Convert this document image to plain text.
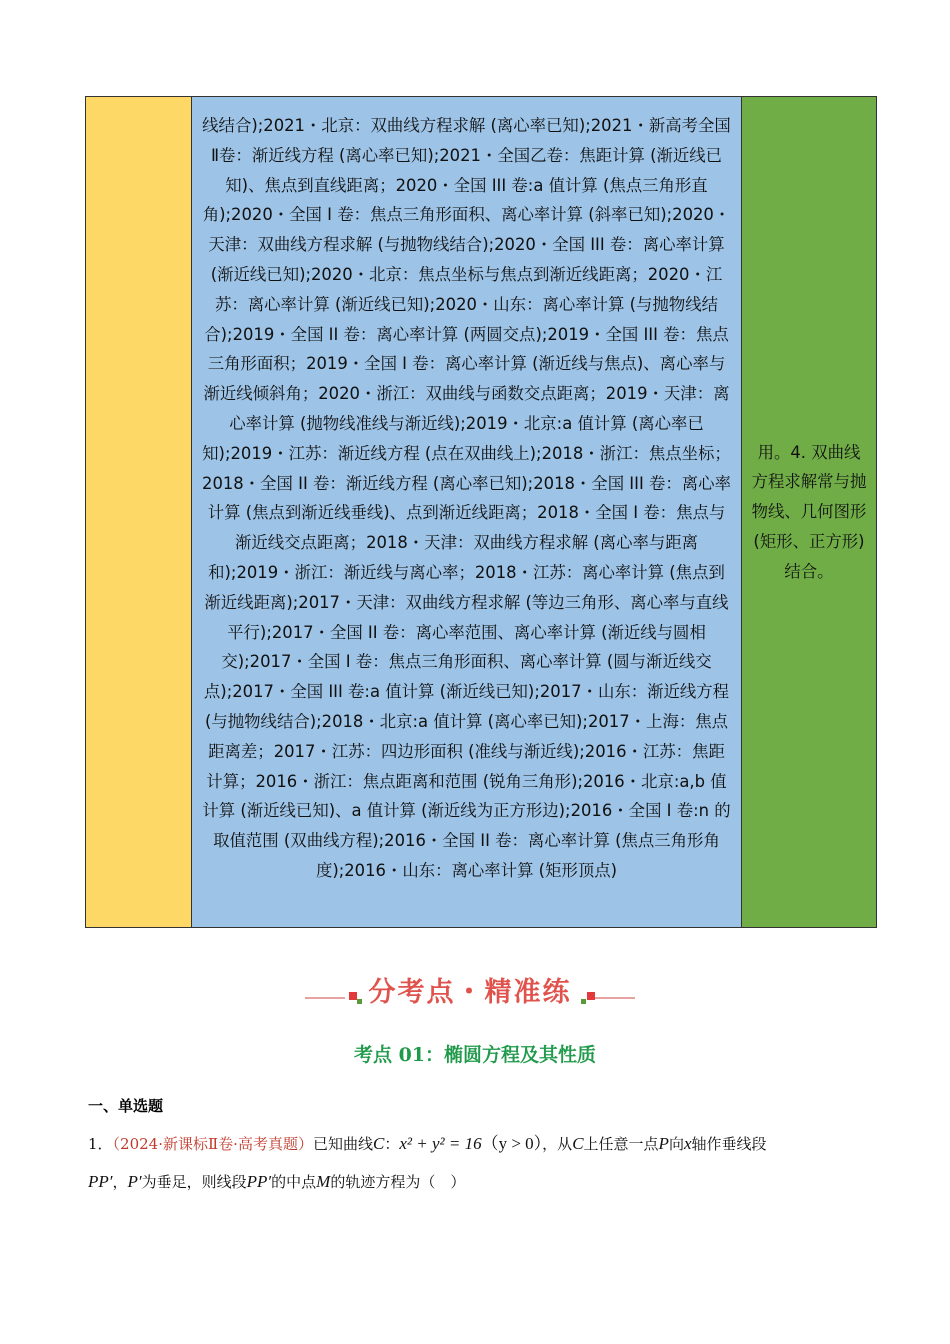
线结合);2021・北京：双曲线方程求解 (离心率已知);2021・新高考全国Ⅱ卷：渐近线方程 (离心率已知);2021・全国乙卷：焦距计算 (渐近线已知)、焦点到直线距离；2020・全国 III 卷:a 值计算 (焦点三角形直角);2020・全国 I 卷：焦点三角形面积、离心率计算 (斜率已知);2020・天津：双曲线方程求解 (与抛物线结合);2020・全国 III 卷：离心率计算 (渐近线已知);2020・北京：焦点坐标与焦点到渐近线距离；2020・江苏：离心率计算 (渐近线已知);2020・山东：离心率计算 (与抛物线结合);2019・全国 II 卷：离心率计算 (两圆交点);2019・全国 III 卷：焦点三角形面积；2019・全国 I 卷：离心率计算 (渐近线与焦点)、离心率与渐近线倾斜角；2020・浙江：双曲线与函数交点距离；2019・天津：离心率计算 (抛物线准线与渐近线);2019・北京:a 值计算 (离心率已知);2019・江苏：渐近线方程 (点在双曲线上);2018・浙江：焦点坐标；2018・全国 II 卷：渐近线方程 (离心率已知);2018・全国 III 卷：离心率计算 (焦点到渐近线垂线)、点到渐近线距离；2018・全国 I 卷：焦点与渐近线交点距离；2018・天津：双曲线方程求解 (离心率与距离和);2019・浙江：渐近线与离心率；2018・江苏：离心率计算 (焦点到渐近线距离);2017・天津：双曲线方程求解 (等边三角形、离心率与直线平行);2017・全国 II 卷：离心率范围、离心率计算 (渐近线与圆相交);2017・全国 I 卷：焦点三角形面积、离心率计算 (圆与渐近线交点);2017・全国 III 卷:a 值计算 (渐近线已知);2017・山东：渐近线方程 (与抛物线结合);2018・北京:a 值计算 (离心率已知);2017・上海：焦点距离差；2017・江苏：四边形面积 (准线与渐近线);2016・江苏：焦距计算；2016・浙江：焦点距离和范围 (锐角三角形);2016・北京:a,b 值计算 (渐近线已知)、a 值计算 (渐近线为正方形边);2016・全国 I 卷:n 的取值范围 (双曲线方程);2016・全国 II 卷：离心率计算 (焦点三角形角度);2016・山东：离心率计算 (矩形顶点)
用。4. 双曲线方程求解常与抛物线、几何图形 (矩形、正方形) 结合。
分考点・精准练
考点 01：椭圆方程及其性质
一、单选题
1．（2024·新课标Ⅱ卷·高考真题）已知曲线C：x² + y² = 16（y > 0），从C上任意一点P向x轴作垂线段
PP′，P′为垂足，则线段PP′的中点M的轨迹方程为（　）
